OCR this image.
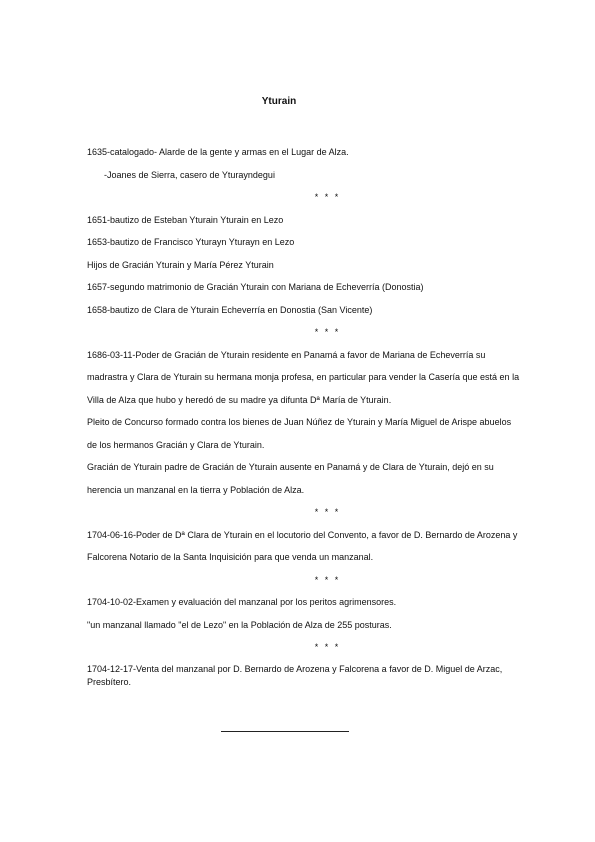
Yturain

1635-catalogado- Alarde de la gente y armas en el Lugar de Alza.

-Joanes de Sierra, casero de Yturayndegui

* * *

1651-bautizo de Esteban Yturain Yturain en Lezo

1653-bautizo de Francisco Yturayn Yturayn en Lezo

Hijos de Gracián Yturain y María Pérez Yturain

1657-segundo matrimonio de Gracián Yturain con Mariana de Echeverría (Donostia)

1658-bautizo de Clara de Yturain Echeverría en Donostia (San Vicente)

* * *

1686-03-11-Poder de Gracián de Yturain residente en Panamá a favor de Mariana de Echeverría su madrastra y Clara de Yturain su hermana monja profesa, en particular para vender la Casería que está en la Villa de Alza que hubo y heredó de su madre ya difunta Dª María de Yturain.

Pleito de Concurso formado contra los bienes de Juan Núñez de Yturain y María Miguel de Arispe abuelos de los hermanos Gracián y Clara de Yturain.

Gracián de Yturain padre de Gracián de Yturain ausente en Panamá y de Clara de Yturain, dejó en su herencia un manzanal en la tierra y Población de Alza.

* * *

1704-06-16-Poder de Dª Clara de Yturain en el locutorio del Convento, a favor de D. Bernardo de Arozena y Falcorena Notario de la Santa Inquisición para que venda un manzanal.

* * *

1704-10-02-Examen y evaluación del manzanal por los peritos agrimensores.

"un manzanal llamado "el de Lezo" en la Población de Alza de 255 posturas.

* * *

1704-12-17-Venta del manzanal por D. Bernardo de Arozena y Falcorena a favor de D. Miguel de Arzac, Presbítero.
